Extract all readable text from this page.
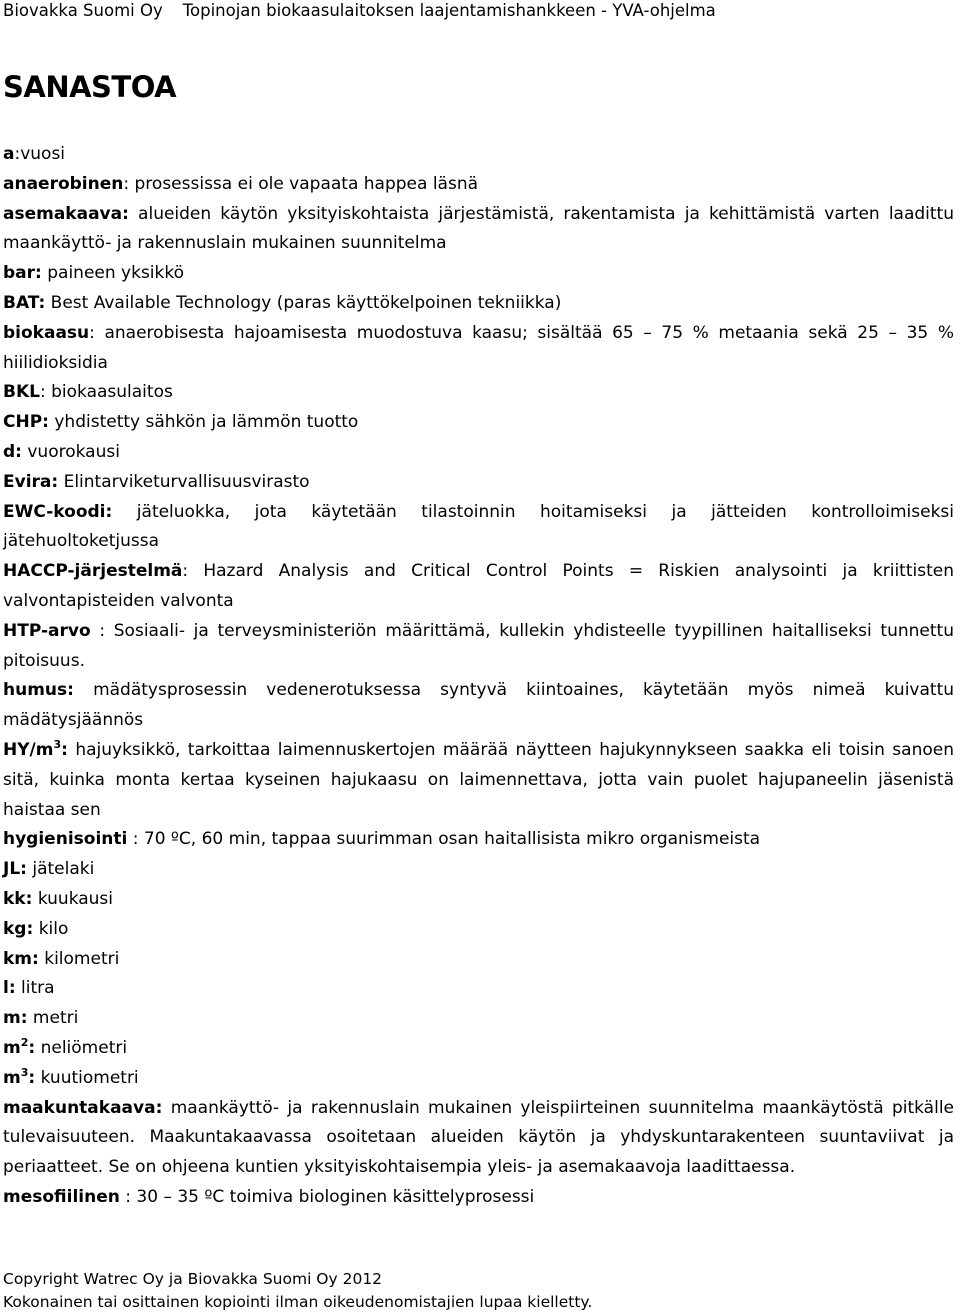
Biovakka Suomi Oy Topinojan biokaasulaitoksen laajentamishankkeen - YVA-ohjelma
SANASTOA

a:vuosi

anaerobinen: prosessissa ei ole vapaata happea läsnä

asemakaava: alueiden käytön yksityiskohtaista järjestämistä, rakentamista ja kehittämistä varten laadittu maankäyttö- ja rakennuslain mukainen suunnitelma

bar: paineen yksikkö

BAT: Best Available Technology (paras käyttökelpoinen tekniikka)

biokaasu: anaerobisesta hajoamisesta muodostuva kaasu; sisältää 65 – 75 % metaania sekä 25 – 35 % hiilidioksidia

BKL: biokaasulaitos

CHP: yhdistetty sähkön ja lämmön tuotto

d: vuorokausi

Evira: Elintarviketurvallisuusvirasto

EWC-koodi: jäteluokka, jota käytetään tilastoinnin hoitamiseksi ja jätteiden kontrolloimiseksi jätehuoltoketjussa

HACCP-järjestelmä: Hazard Analysis and Critical Control Points = Riskien analysointi ja kriittisten valvontapisteiden valvonta

HTP-arvo : Sosiaali- ja terveysministeriön määrittämä, kullekin yhdisteelle tyypillinen haitalliseksi tunnettu pitoisuus.

humus: mädätysprosessin vedenerotuksessa syntyvä kiintoaines, käytetään myös nimeä kuivattu mädätysjäännös

$HY/m^3$: hajuyksikkö, tarkoittaa laimennuskertojen määrää näytteen hajukynnykseen saakka eli toisin sanoen sitä, kuinka monta kertaa kyseinen hajukaasu on laimennettava, jotta vain puolet hajupaneelin jäsenistä haistaa sen

hygienisointi : 70 ºC, 60 min, tappaa suurimman osan haitallisista mikro organismeista

JL: jätelaki

kk: kuukausi

kg: kilo

km: kilometri

l: litra

m: metri

$m^2$: neliömetri

$m^3$: kuutiometri

maakuntakaava: maankäyttö- ja rakennuslain mukainen yleispiirteinen suunnitelma maankäytöstä pitkälle tulevaisuuteen. Maakuntakaavassa osoitetaan alueiden käytön ja yhdyskuntarakenteen suuntaviivat ja periaatteet. Se on ohjeena kuntien yksityiskohtaisempia yleis- ja asemakaavoja laadittaessa.

mesofiilinen : 30 – 35 ºC toimiva biologinen käsittelyprosessi

Copyright Watrec Oy ja Biovakka Suomi Oy 2012
Kokonainen tai osittainen kopiointi ilman oikeudenomistajien lupaa kielletty.
